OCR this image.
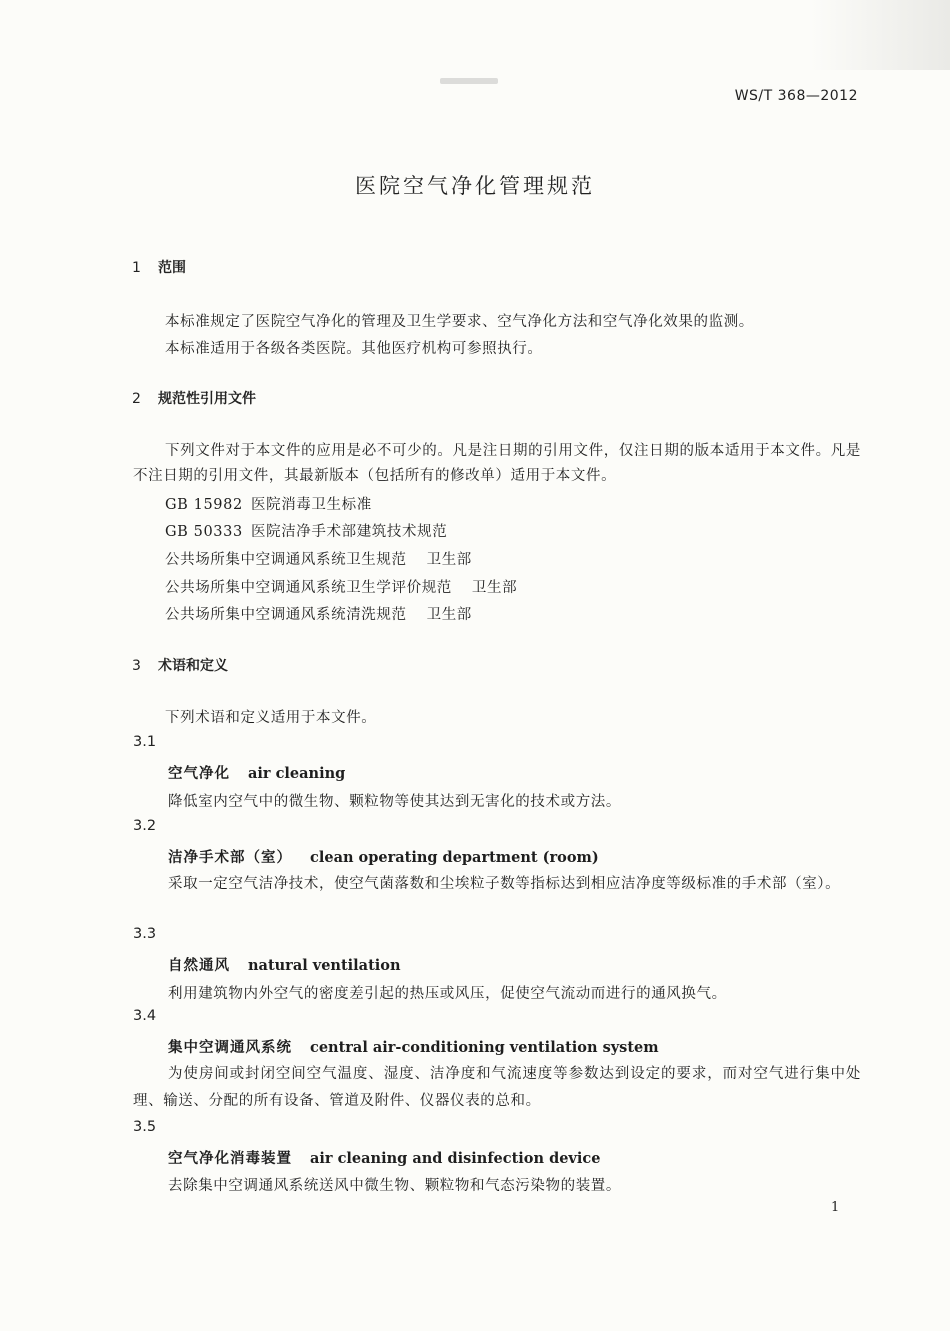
WS/T 368—2012
医院空气净化管理规范
1 范围
本标准规定了医院空气净化的管理及卫生学要求、空气净化方法和空气净化效果的监测。
本标准适用于各级各类医院。其他医疗机构可参照执行。
2 规范性引用文件
下列文件对于本文件的应用是必不可少的。凡是注日期的引用文件，仅注日期的版本适用于本文件。凡是不注日期的引用文件，其最新版本（包括所有的修改单）适用于本文件。
GB 15982 医院消毒卫生标准
GB 50333 医院洁净手术部建筑技术规范
公共场所集中空调通风系统卫生规范 卫生部
公共场所集中空调通风系统卫生学评价规范 卫生部
公共场所集中空调通风系统清洗规范 卫生部
3 术语和定义
下列术语和定义适用于本文件。
3.1
空气净化 air cleaning
降低室内空气中的微生物、颗粒物等使其达到无害化的技术或方法。
3.2
洁净手术部（室） clean operating department (room)
采取一定空气洁净技术，使空气菌落数和尘埃粒子数等指标达到相应洁净度等级标准的手术部（室）。
3.3
自然通风 natural ventilation
利用建筑物内外空气的密度差引起的热压或风压，促使空气流动而进行的通风换气。
3.4
集中空调通风系统 central air-conditioning ventilation system
为使房间或封闭空间空气温度、湿度、洁净度和气流速度等参数达到设定的要求，而对空气进行集中处理、输送、分配的所有设备、管道及附件、仪器仪表的总和。
3.5
空气净化消毒装置 air cleaning and disinfection device
去除集中空调通风系统送风中微生物、颗粒物和气态污染物的装置。
1
